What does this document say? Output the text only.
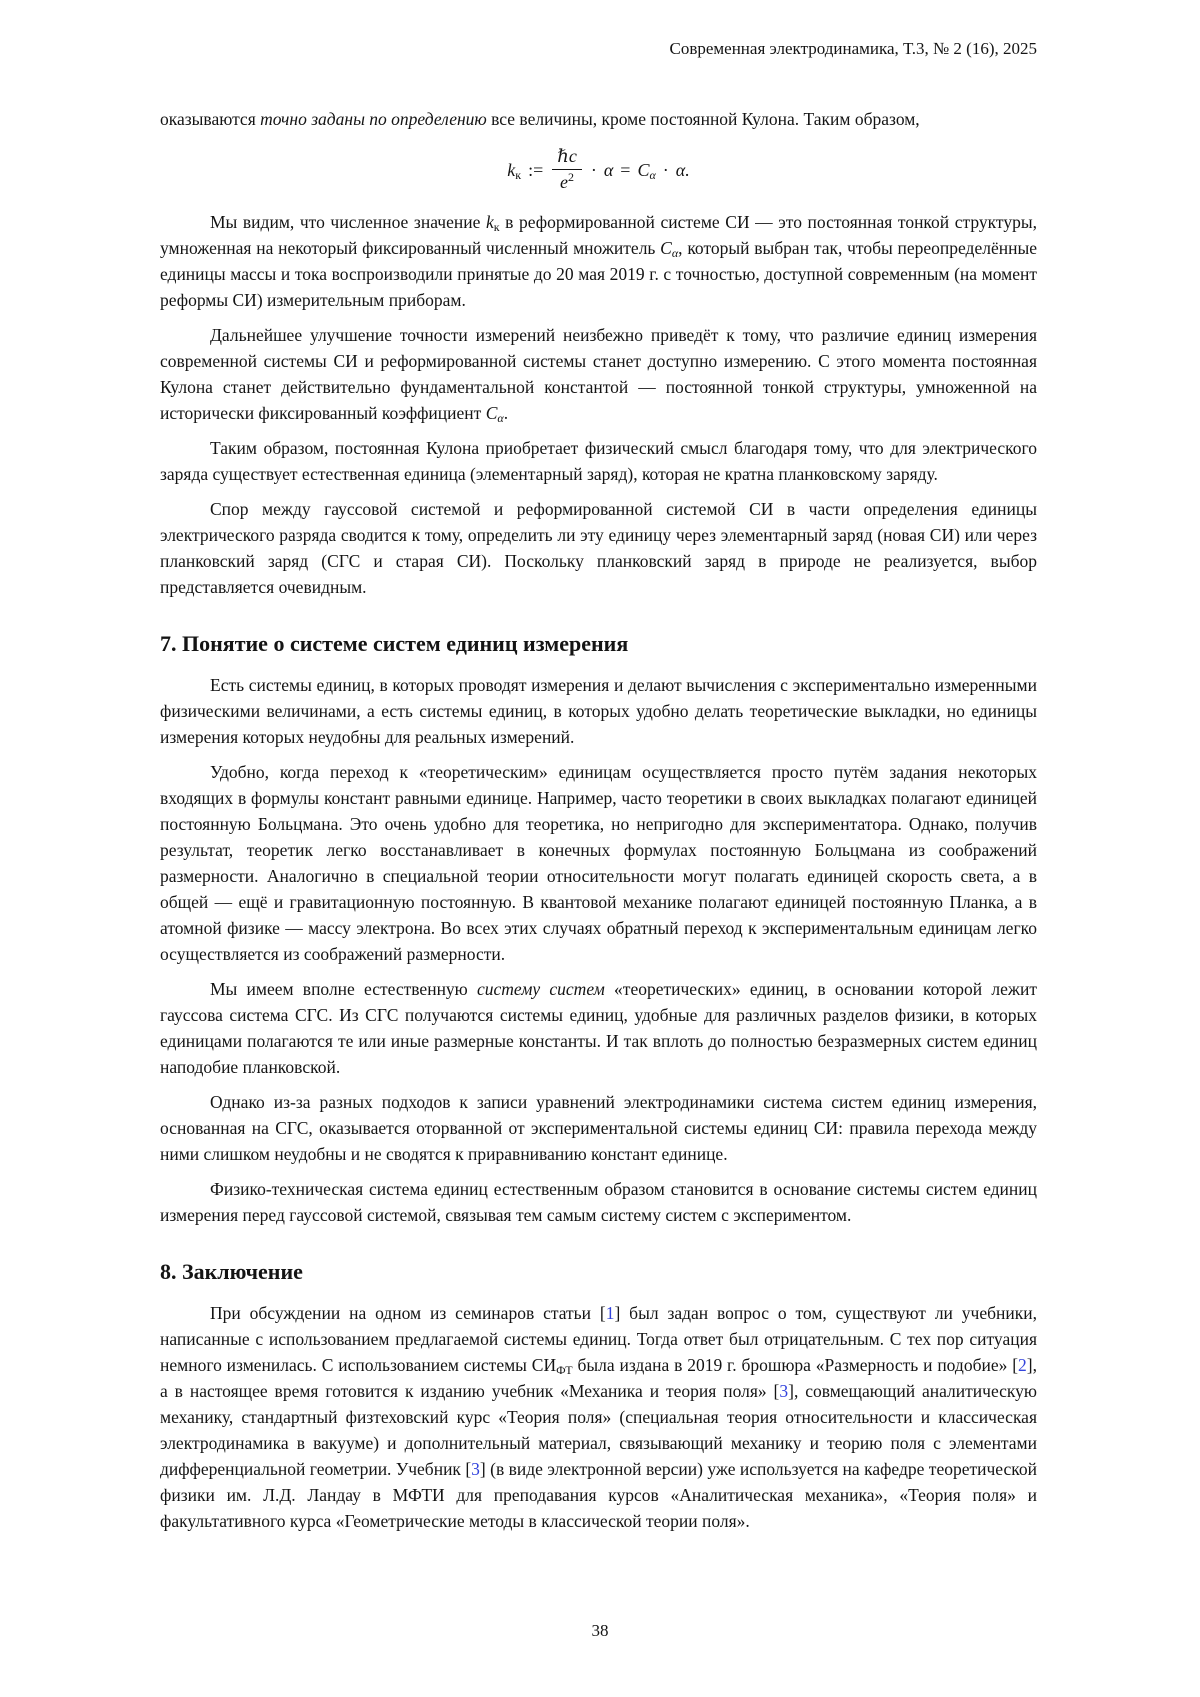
Современная электродинамика, Т.3, № 2 (16), 2025

оказываются точно заданы по определению все величины, кроме постоянной Кулона. Таким образом,

$k_к$ := $\frac{\text{ℏc}}{e^2} \cdot \alpha = C_\alpha \cdot \alpha$.

Мы видим, что численное значение $k_к$ в реформированной системе СИ — это постоянная тонкой структуры, умноженная на некоторый фиксированный численный множитель $C_\alpha$, который выбран так, чтобы переопределённые единицы массы и тока воспроизводили принятые до 20 мая 2019 г. с точностью, доступной современным (на момент реформы СИ) измерительным приборам.

Дальнейшее улучшение точности измерений неизбежно приведёт к тому, что различие единиц измерения современной системы СИ и реформированной системы станет доступно измерению. С этого момента постоянная Кулона станет действительно фундаментальной константой — постоянной тонкой структуры, умноженной на исторически фиксированный коэффициент $C_\alpha$.

Таким образом, постоянная Кулона приобретает физический смысл благодаря тому, что для электрического заряда существует естественная единица (элементарный заряд), которая не кратна планковскому заряду.

Спор между гауссовой системой и реформированной системой СИ в части определения единицы электрического разряда сводится к тому, определить ли эту единицу через элементарный заряд (новая СИ) или через планковский заряд (СГС и старая СИ). Поскольку планковский заряд в природе не реализуется, выбор представляется очевидным.

7. Понятие о системе систем единиц измерения

Есть системы единиц, в которых проводят измерения и делают вычисления с экспериментально измеренными физическими величинами, а есть системы единиц, в которых удобно делать теоретические выкладки, но единицы измерения которых неудобны для реальных измерений.

Удобно, когда переход к «теоретическим» единицам осуществляется просто путём задания некоторых входящих в формулы констант равными единице. Например, часто теоретики в своих выкладках полагают единицей постоянную Больцмана. Это очень удобно для теоретика, но непригодно для экспериментатора. Однако, получив результат, теоретик легко восстанавливает в конечных формулах постоянную Больцмана из соображений размерности. Аналогично в специальной теории относительности могут полагать единицей скорость света, а в общей — ещё и гравитационную постоянную. В квантовой механике полагают единицей постоянную Планка, а в атомной физике — массу электрона. Во всех этих случаях обратный переход к экспериментальным единицам легко осуществляется из соображений размерности.

Мы имеем вполне естественную систему систем «теоретических» единиц, в основании которой лежит гауссова система СГС. Из СГС получаются системы единиц, удобные для различных разделов физики, в которых единицами полагаются те или иные размерные константы. И так вплоть до полностью безразмерных систем единиц наподобие планковской.

Однако из-за разных подходов к записи уравнений электродинамики система систем единиц измерения, основанная на СГС, оказывается оторванной от экспериментальной системы единиц СИ: правила перехода между ними слишком неудобны и не сводятся к приравниванию констант единице.

Физико-техническая система единиц естественным образом становится в основание системы систем единиц измерения перед гауссовой системой, связывая тем самым систему систем с экспериментом.

8. Заключение

При обсуждении на одном из семинаров статьи [1] был задан вопрос о том, существуют ли учебники, написанные с использованием предлагаемой системы единиц. Тогда ответ был отрицательным. С тех пор ситуация немного изменилась. С использованием системы СИФТ была издана в 2019 г. брошюра «Размерность и подобие» [2], а в настоящее время готовится к изданию учебник «Механика и теория поля» [3], совмещающий аналитическую механику, стандартный физтеховский курс «Теория поля» (специальная теория относительности и классическая электродинамика в вакууме) и дополнительный материал, связывающий механику и теорию поля с элементами дифференциальной геометрии. Учебник [3] (в виде электронной версии) уже используется на кафедре теоретической физики им. Л.Д. Ландау в МФТИ для преподавания курсов «Аналитическая механика», «Теория поля» и факультативного курса «Геометрические методы в классической теории поля».

38
